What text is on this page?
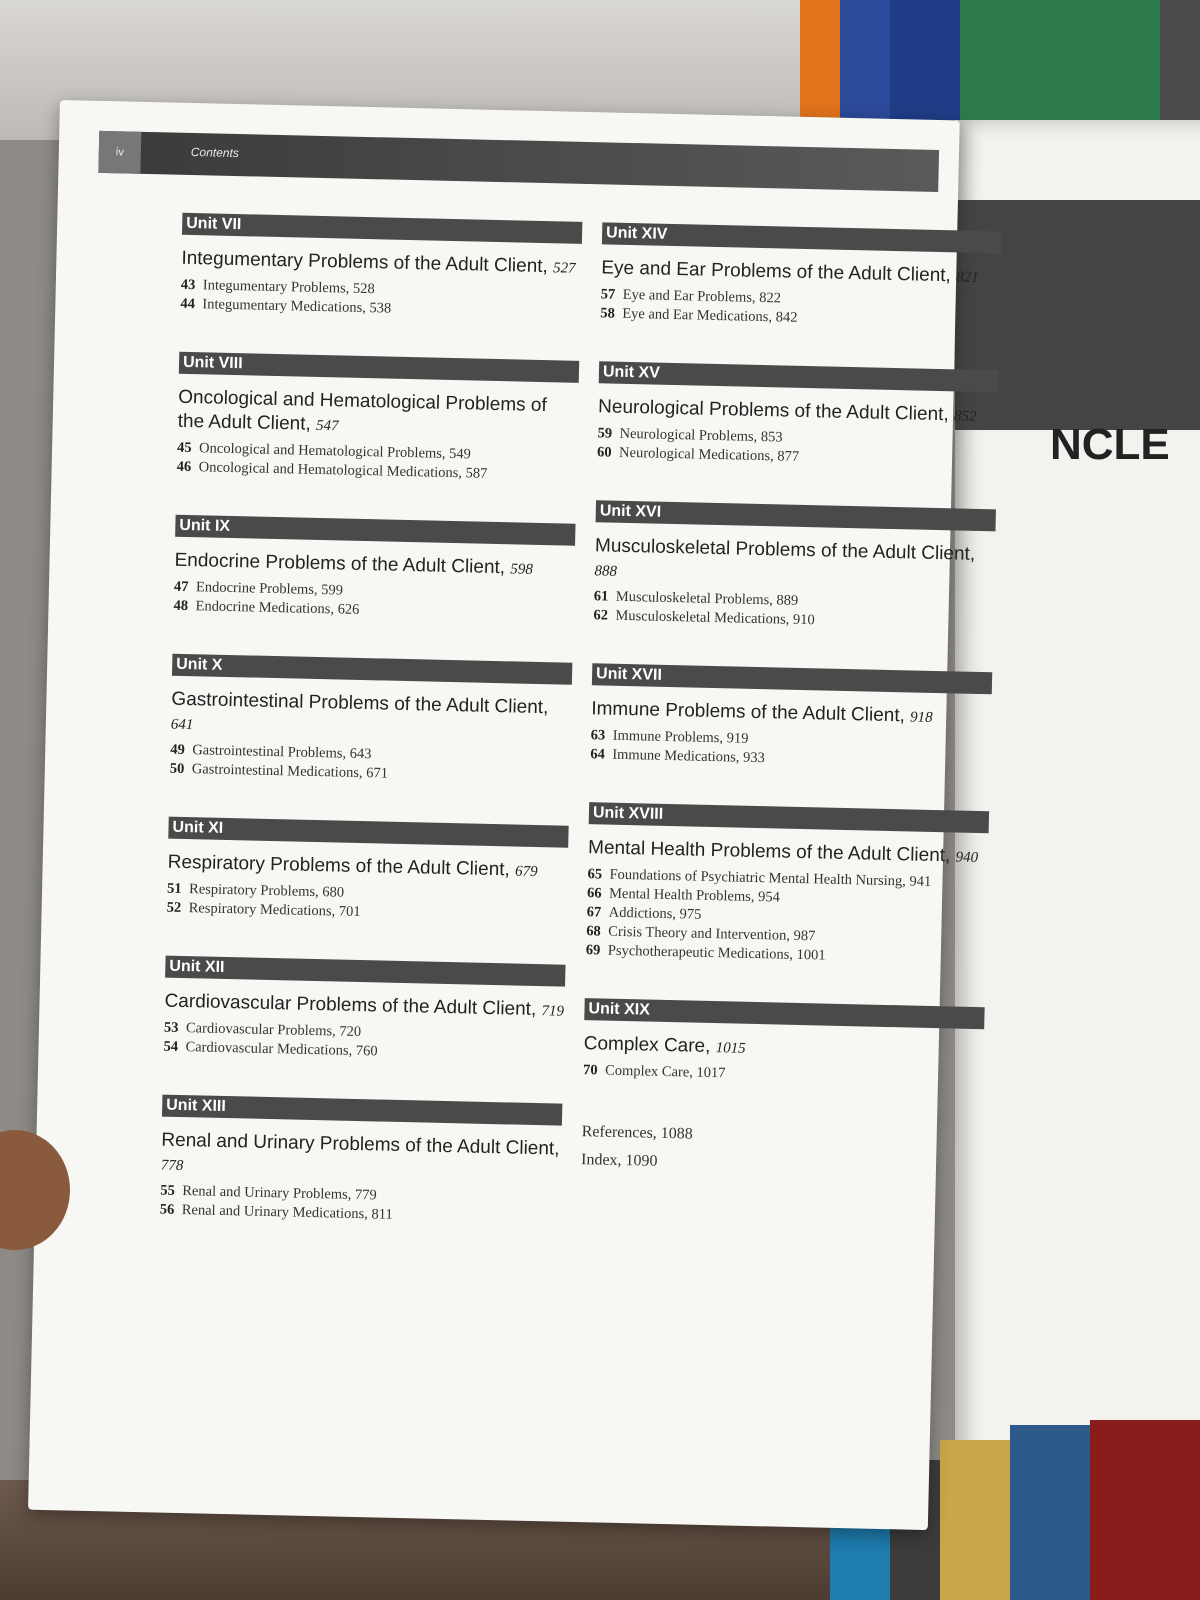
NCLE
iv	Contents
Unit VII
Integumentary Problems of the Adult Client, 527
43 Integumentary Problems, 528
44 Integumentary Medications, 538
Unit VIII
Oncological and Hematological Problems of the Adult Client, 547
45 Oncological and Hematological Problems, 549
46 Oncological and Hematological Medications, 587
Unit IX
Endocrine Problems of the Adult Client, 598
47 Endocrine Problems, 599
48 Endocrine Medications, 626
Unit X
Gastrointestinal Problems of the Adult Client, 641
49 Gastrointestinal Problems, 643
50 Gastrointestinal Medications, 671
Unit XI
Respiratory Problems of the Adult Client, 679
51 Respiratory Problems, 680
52 Respiratory Medications, 701
Unit XII
Cardiovascular Problems of the Adult Client, 719
53 Cardiovascular Problems, 720
54 Cardiovascular Medications, 760
Unit XIII
Renal and Urinary Problems of the Adult Client, 778
55 Renal and Urinary Problems, 779
56 Renal and Urinary Medications, 811
Unit XIV
Eye and Ear Problems of the Adult Client, 821
57 Eye and Ear Problems, 822
58 Eye and Ear Medications, 842
Unit XV
Neurological Problems of the Adult Client, 852
59 Neurological Problems, 853
60 Neurological Medications, 877
Unit XVI
Musculoskeletal Problems of the Adult Client, 888
61 Musculoskeletal Problems, 889
62 Musculoskeletal Medications, 910
Unit XVII
Immune Problems of the Adult Client, 918
63 Immune Problems, 919
64 Immune Medications, 933
Unit XVIII
Mental Health Problems of the Adult Client, 940
65 Foundations of Psychiatric Mental Health Nursing, 941
66 Mental Health Problems, 954
67 Addictions, 975
68 Crisis Theory and Intervention, 987
69 Psychotherapeutic Medications, 1001
Unit XIX
Complex Care, 1015
70 Complex Care, 1017
References, 1088
Index, 1090
